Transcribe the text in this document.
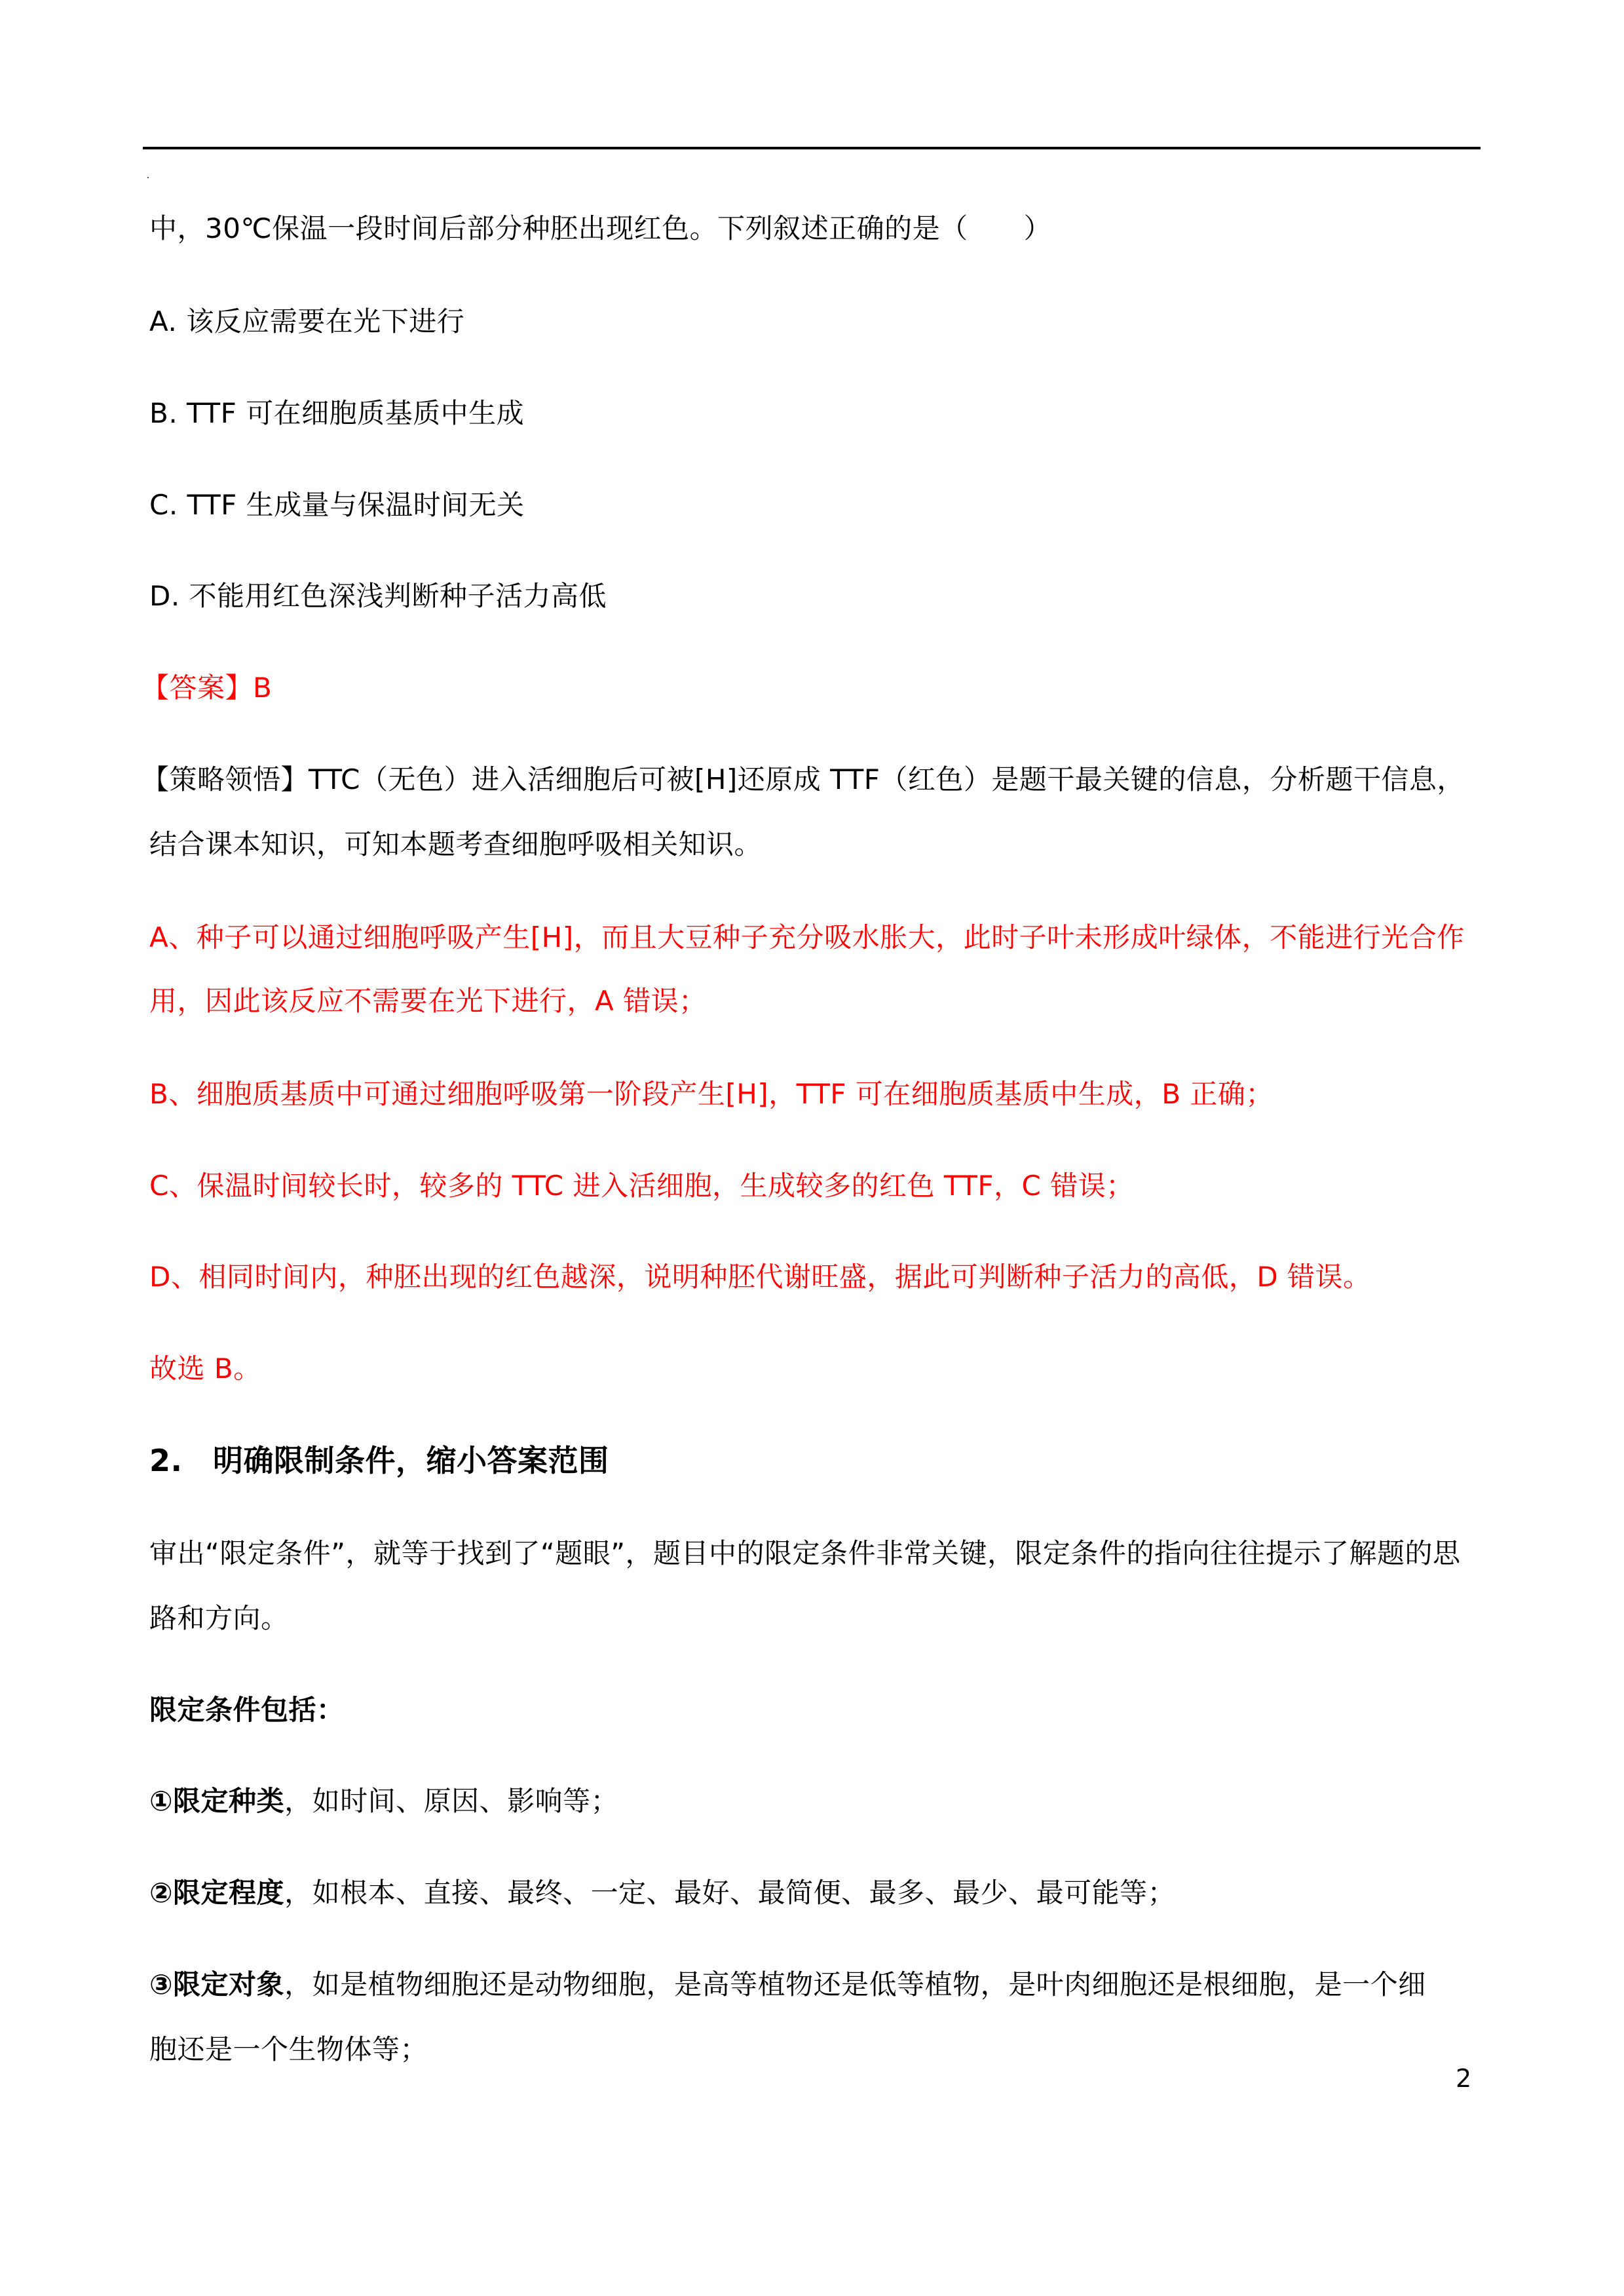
中，30℃保温一段时间后部分种胚出现红色。下列叙述正确的是（　　）
A. 该反应需要在光下进行
B. TTF 可在细胞质基质中生成
C. TTF 生成量与保温时间无关
D. 不能用红色深浅判断种子活力高低
【答案】B
【策略领悟】TTC（无色）进入活细胞后可被[H]还原成 TTF（红色）是题干最关键的信息，分析题干信息，
结合课本知识，可知本题考查细胞呼吸相关知识。
A、种子可以通过细胞呼吸产生[H]，而且大豆种子充分吸水胀大，此时子叶未形成叶绿体，不能进行光合作
用，因此该反应不需要在光下进行，A 错误；
B、细胞质基质中可通过细胞呼吸第一阶段产生[H]，TTF 可在细胞质基质中生成，B 正确；
C、保温时间较长时，较多的 TTC 进入活细胞，生成较多的红色 TTF，C 错误；
D、相同时间内，种胚出现的红色越深，说明种胚代谢旺盛，据此可判断种子活力的高低，D 错误。
故选 B。
2.　明确限制条件，缩小答案范围
审出“限定条件”，就等于找到了“题眼”，题目中的限定条件非常关键，限定条件的指向往往提示了解题的思
路和方向。
限定条件包括：
①限定种类，如时间、原因、影响等；
②限定程度，如根本、直接、最终、一定、最好、最简便、最多、最少、最可能等；
③限定对象，如是植物细胞还是动物细胞，是高等植物还是低等植物，是叶肉细胞还是根细胞，是一个细
胞还是一个生物体等；
2
